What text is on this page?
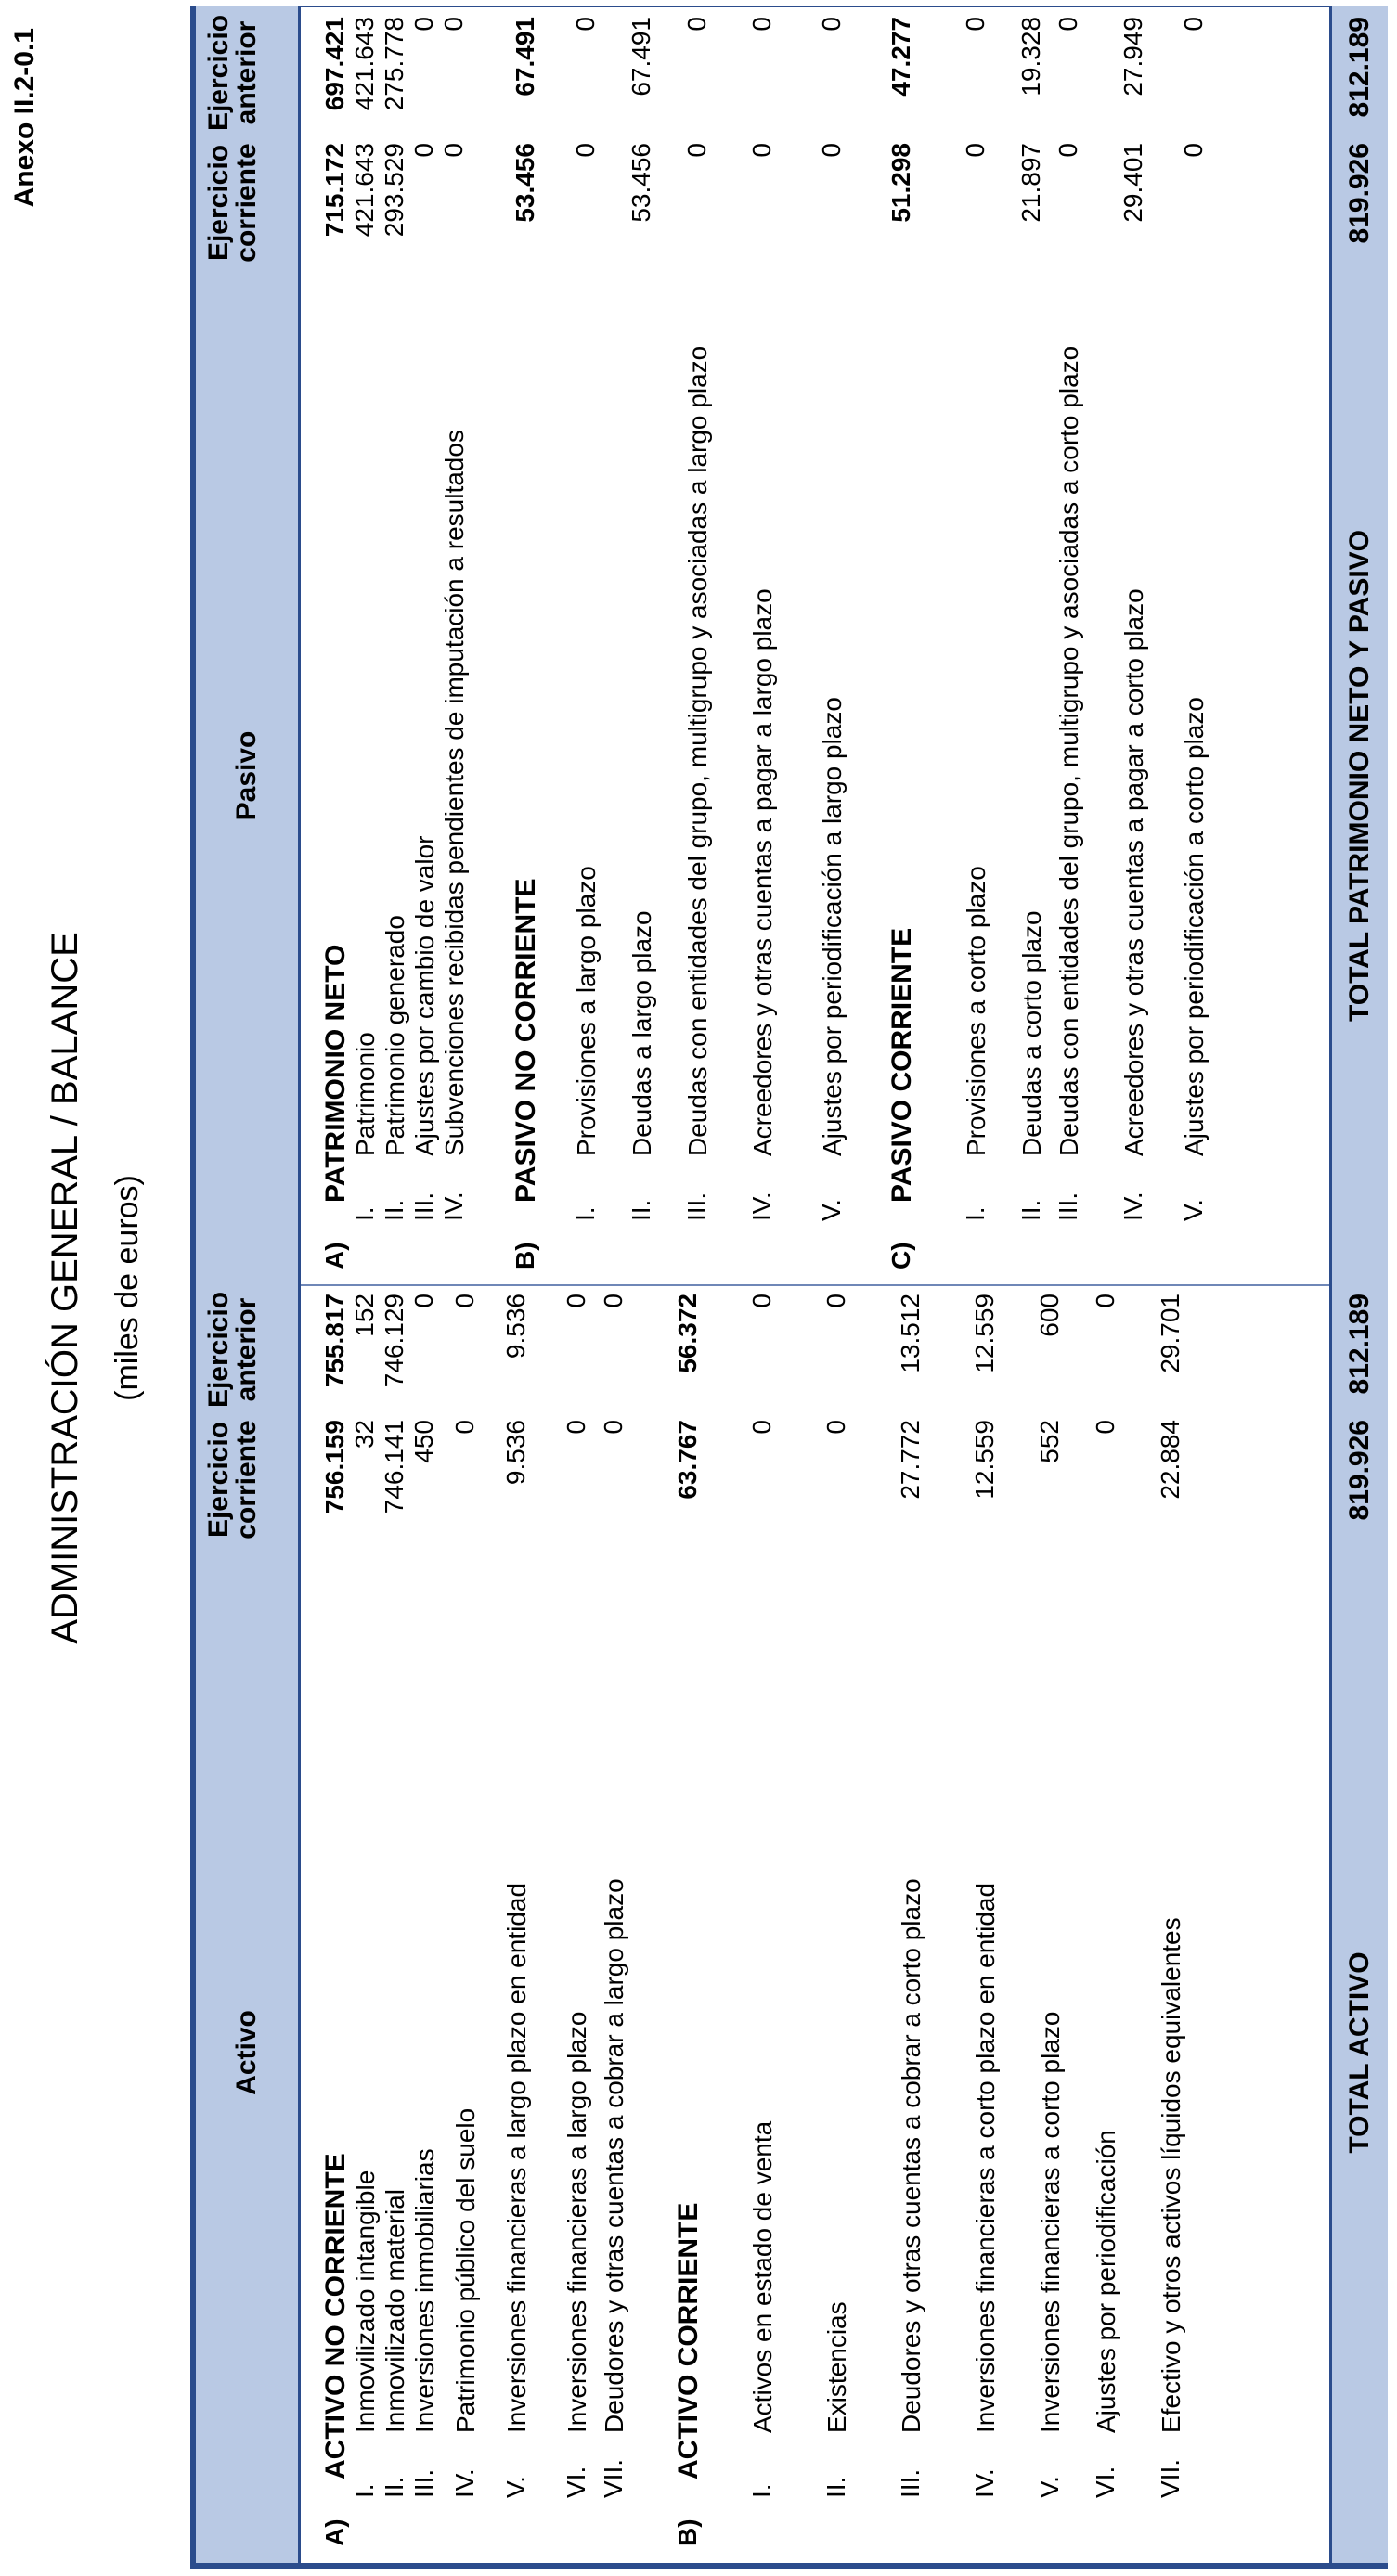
Anexo II.2-0.1
ADMINISTRACIÓN GENERAL / BALANCE (miles de euros)
Activo
Ejercicio
corriente
Ejercicio
anterior
A)
ACTIVO NO CORRIENTE
756.159
755.817
I.
Inmovilizado intangible
32
152
II.
Inmovilizado material
746.141
746.129
III.
Inversiones inmobiliarias
450
0
IV.
Patrimonio público del suelo
0
0
V.
Inversiones financieras a largo plazo en entidad
9.536
9.536
VI.
Inversiones financieras a largo plazo
0
0
VII.
Deudores y otras cuentas a cobrar a largo plazo
0
0
B)
ACTIVO CORRIENTE
63.767
56.372
I.
Activos en estado de venta
0
0
II.
Existencias
0
0
III.
Deudores y otras cuentas a cobrar a corto plazo
27.772
13.512
IV.
Inversiones financieras a corto plazo en entidad
12.559
12.559
V.
Inversiones financieras a corto plazo
552
600
VI.
Ajustes por periodificación
0
0
VII.
Efectivo y otros activos líquidos equivalentes
22.884
29.701
TOTAL ACTIVO
819.926
812.189
Pasivo
Ejercicio
corriente
Ejercicio
anterior
A)
PATRIMONIO NETO
715.172
697.421
I.
Patrimonio
421.643
421.643
II.
Patrimonio generado
293.529
275.778
III.
Ajustes por cambio de valor
0
0
IV.
Subvenciones recibidas pendientes de imputación a resultados
0
0
B)
PASIVO NO CORRIENTE
53.456
67.491
I.
Provisiones a largo plazo
0
0
II.
Deudas a largo plazo
53.456
67.491
III.
Deudas con entidades del grupo, multigrupo y asociadas a largo plazo
0
0
IV.
Acreedores y otras cuentas a pagar a largo plazo
0
0
V.
Ajustes por periodificación a largo plazo
0
0
C)
PASIVO CORRIENTE
51.298
47.277
I.
Provisiones a corto plazo
0
0
II.
Deudas a corto plazo
21.897
19.328
III.
Deudas con entidades del grupo, multigrupo y asociadas a corto plazo
0
0
IV.
Acreedores y otras cuentas a pagar a corto plazo
29.401
27.949
V.
Ajustes por periodificación a corto plazo
0
0
TOTAL PATRIMONIO NETO Y PASIVO
819.926
812.189
